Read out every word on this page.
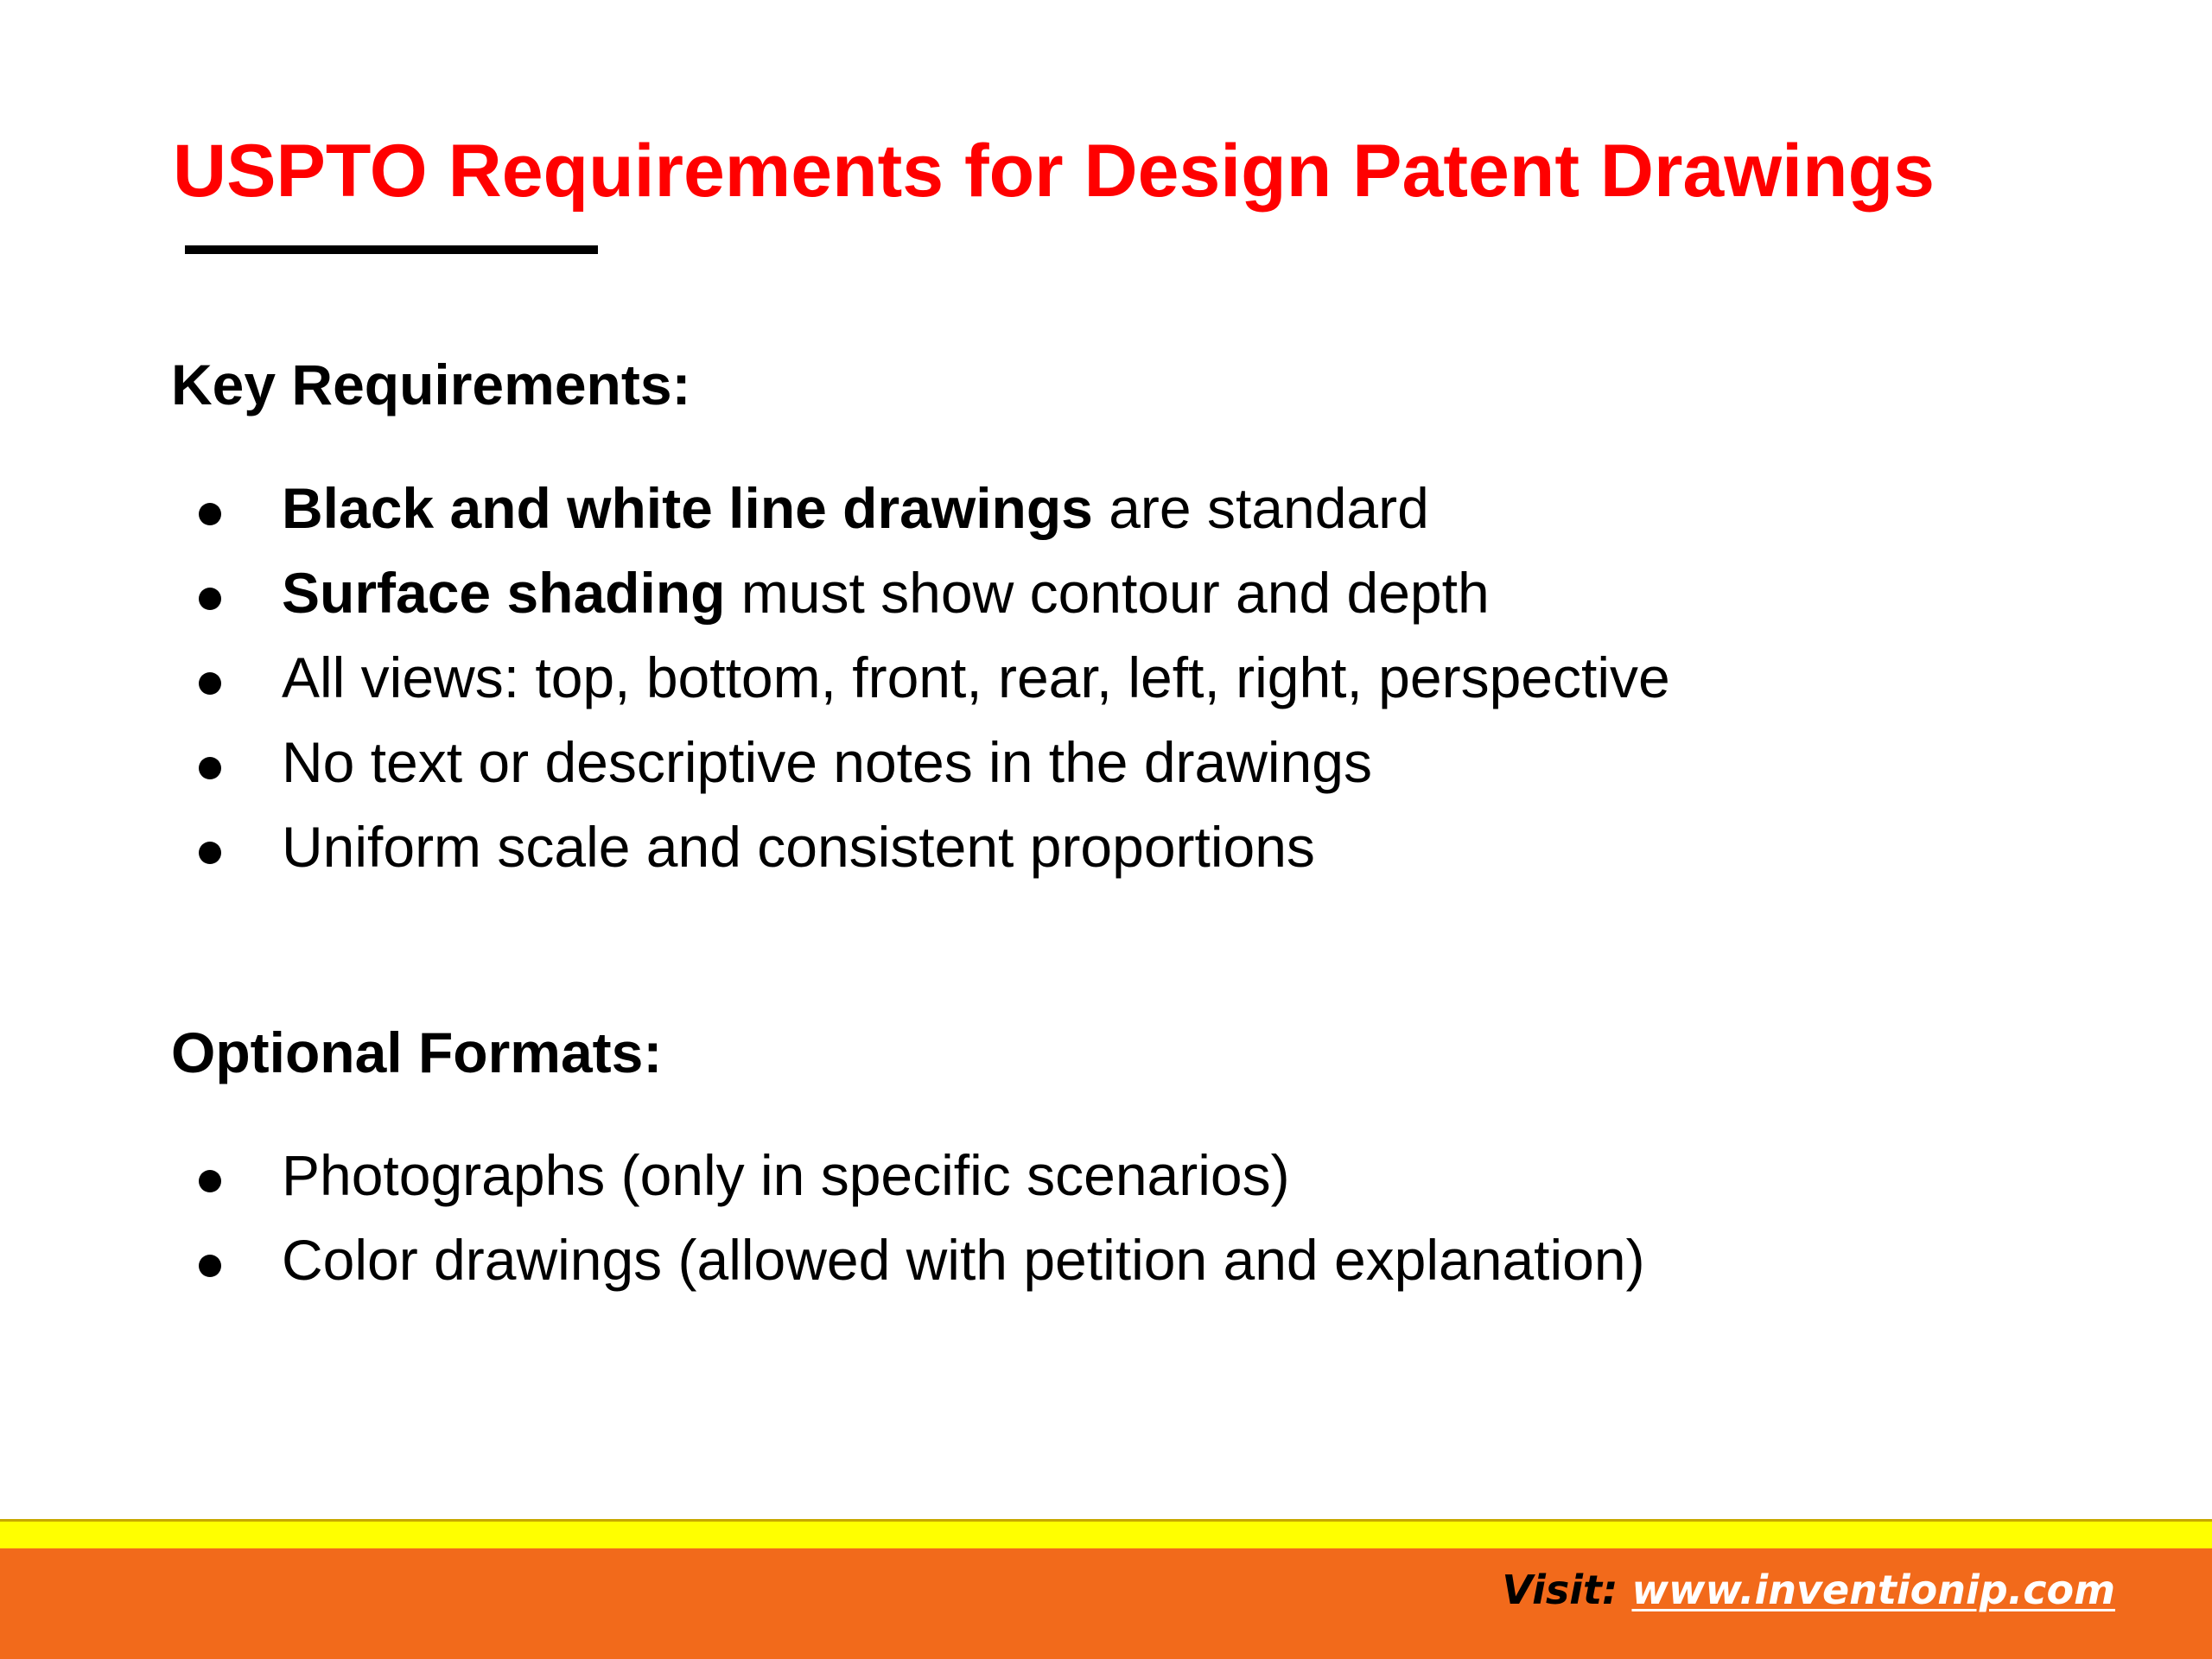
USPTO Requirements for Design Patent Drawings
Key Requirements:
Black and white line drawings are standard
Surface shading must show contour and depth
All views: top, bottom, front, rear, left, right, perspective
No text or descriptive notes in the drawings
Uniform scale and consistent proportions
Optional Formats:
Photographs (only in specific scenarios)
Color drawings (allowed with petition and explanation)
Visit: www.inventionip.com
